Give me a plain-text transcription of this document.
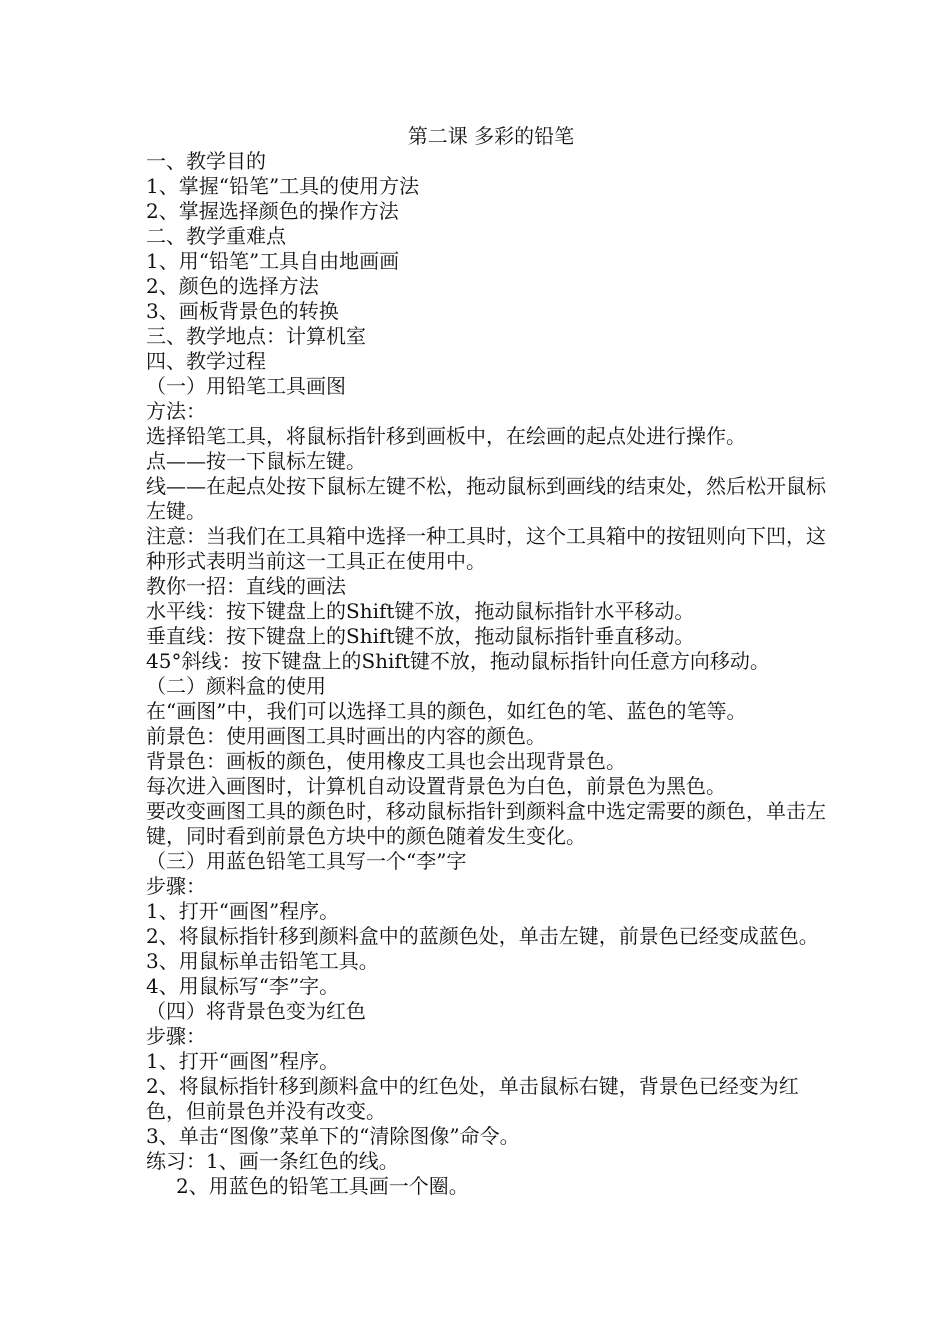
第二课 多彩的铅笔
一、教学目的
1、掌握“铅笔”工具的使用方法
2、掌握选择颜色的操作方法
二、教学重难点
1、用“铅笔”工具自由地画画
2、颜色的选择方法
3、画板背景色的转换
三、教学地点：计算机室
四、教学过程
（一）用铅笔工具画图
方法：
选择铅笔工具，将鼠标指针移到画板中，在绘画的起点处进行操作。
点——按一下鼠标左键。
线——在起点处按下鼠标左键不松，拖动鼠标到画线的结束处，然后松开鼠标左键。
注意：当我们在工具箱中选择一种工具时，这个工具箱中的按钮则向下凹，这种形式表明当前这一工具正在使用中。
教你一招：直线的画法
水平线：按下键盘上的Shift键不放，拖动鼠标指针水平移动。
垂直线：按下键盘上的Shift键不放，拖动鼠标指针垂直移动。
45°斜线：按下键盘上的Shift键不放，拖动鼠标指针向任意方向移动。
（二）颜料盒的使用
在“画图”中，我们可以选择工具的颜色，如红色的笔、蓝色的笔等。
前景色：使用画图工具时画出的内容的颜色。
背景色：画板的颜色，使用橡皮工具也会出现背景色。
每次进入画图时，计算机自动设置背景色为白色，前景色为黑色。
要改变画图工具的颜色时，移动鼠标指针到颜料盒中选定需要的颜色，单击左键，同时看到前景色方块中的颜色随着发生变化。
（三）用蓝色铅笔工具写一个“李”字
步骤：
1、打开“画图”程序。
2、将鼠标指针移到颜料盒中的蓝颜色处，单击左键，前景色已经变成蓝色。
3、用鼠标单击铅笔工具。
4、用鼠标写“李”字。
（四）将背景色变为红色
步骤：
1、打开“画图”程序。
2、将鼠标指针移到颜料盒中的红色处，单击鼠标右键，背景色已经变为红色，但前景色并没有改变。
3、单击“图像”菜单下的“清除图像”命令。
练习：1、画一条红色的线。
2、用蓝色的铅笔工具画一个圈。
